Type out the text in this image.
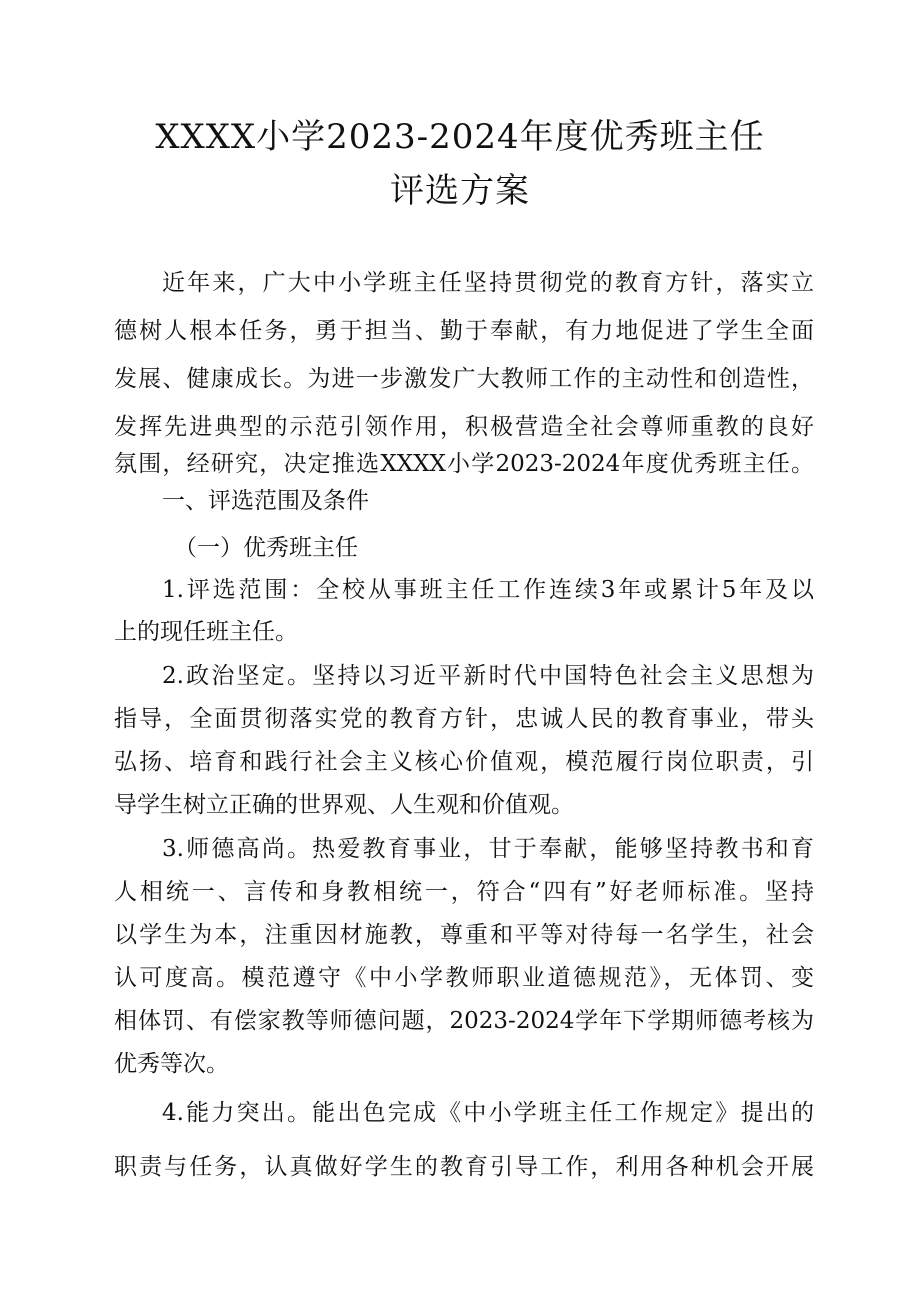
XXXX小学2023-2024年度优秀班主任
评选方案
近年来，广大中小学班主任坚持贯彻党的教育方针，落实立
德树人根本任务，勇于担当、勤于奉献，有力地促进了学生全面
发展、健康成长。为进一步激发广大教师工作的主动性和创造性，
发挥先进典型的示范引领作用，积极营造全社会尊师重教的良好
氛围，经研究，决定推选XXXX小学2023-2024年度优秀班主任。
一、评选范围及条件
（一）优秀班主任
1.评选范围：全校从事班主任工作连续3年或累计5年及以
上的现任班主任。
2.政治坚定。坚持以习近平新时代中国特色社会主义思想为
指导，全面贯彻落实党的教育方针，忠诚人民的教育事业，带头
弘扬、培育和践行社会主义核心价值观，模范履行岗位职责，引
导学生树立正确的世界观、人生观和价值观。
3.师德高尚。热爱教育事业，甘于奉献，能够坚持教书和育
人相统一、言传和身教相统一，符合“四有”好老师标准。坚持
以学生为本，注重因材施教，尊重和平等对待每一名学生，社会
认可度高。模范遵守《中小学教师职业道德规范》，无体罚、变
相体罚、有偿家教等师德问题，2023-2024学年下学期师德考核为
优秀等次。
4.能力突出。能出色完成《中小学班主任工作规定》提出的
职责与任务，认真做好学生的教育引导工作，利用各种机会开展
